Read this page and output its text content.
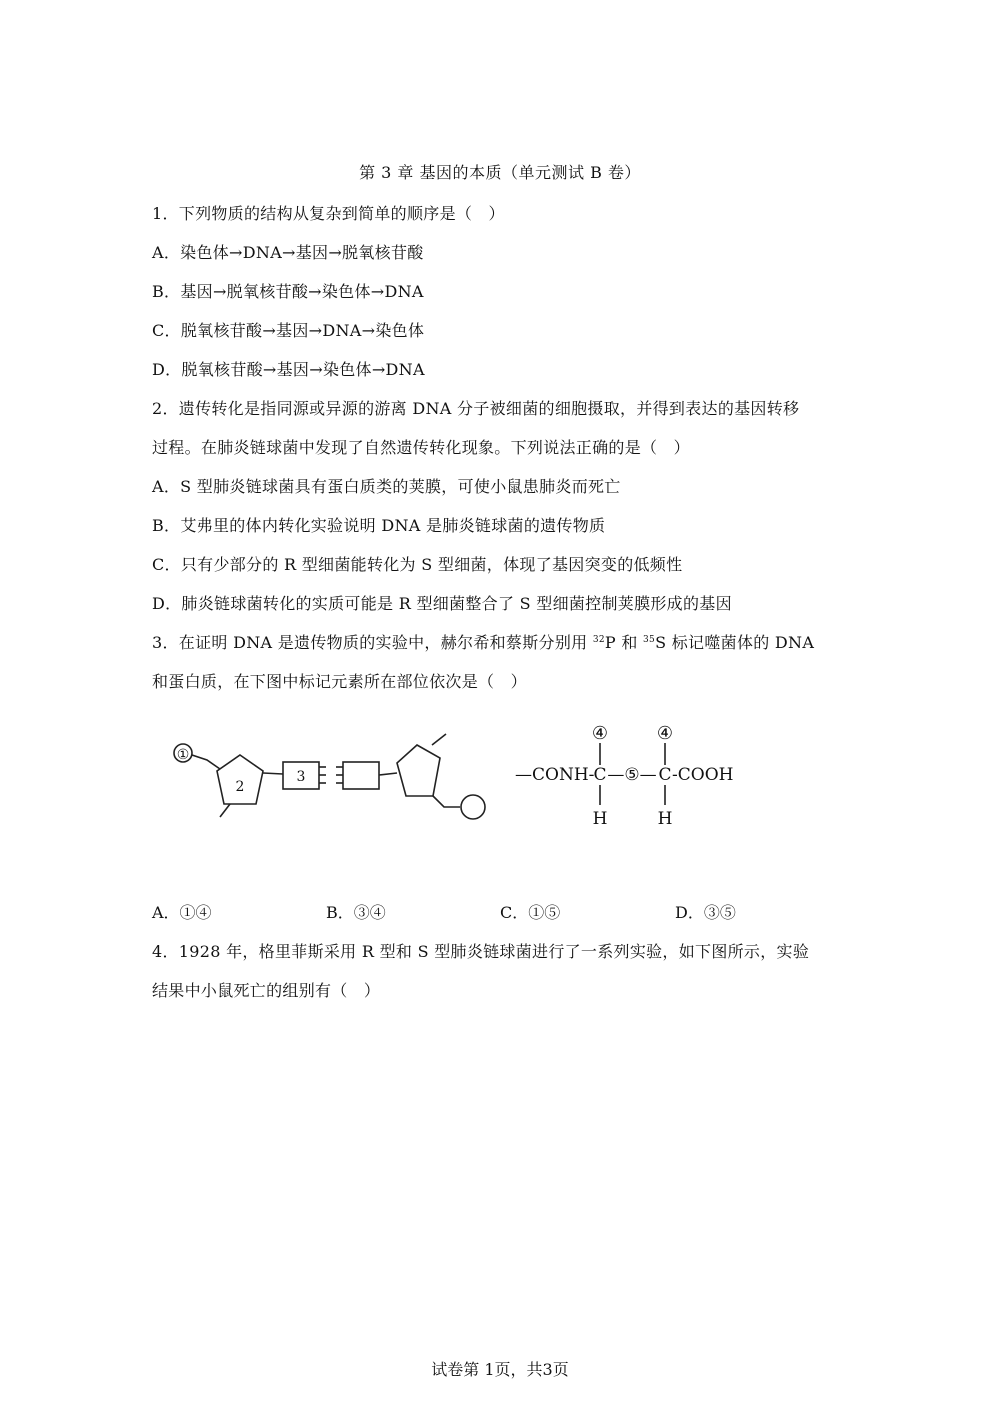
第 3 章 基因的本质（单元测试 B 卷）
1．下列物质的结构从复杂到简单的顺序是（　）
A．染色体→DNA→基因→脱氧核苷酸
B．基因→脱氧核苷酸→染色体→DNA
C．脱氧核苷酸→基因→DNA→染色体
D．脱氧核苷酸→基因→染色体→DNA
2．遗传转化是指同源或异源的游离 DNA 分子被细菌的细胞摄取，并得到表达的基因转移
过程。在肺炎链球菌中发现了自然遗传转化现象。下列说法正确的是（　）
A．S 型肺炎链球菌具有蛋白质类的荚膜，可使小鼠患肺炎而死亡
B．艾弗里的体内转化实验说明 DNA 是肺炎链球菌的遗传物质
C．只有少部分的 R 型细菌能转化为 S 型细菌，体现了基因突变的低频性
D．肺炎链球菌转化的实质可能是 R 型细菌整合了 S 型细菌控制荚膜形成的基因
3．在证明 DNA 是遗传物质的实验中，赫尔希和蔡斯分别用 $^{32}$P 和 $^{35}$S 标记噬菌体的 DNA
和蛋白质，在下图中标记元素所在部位依次是（　）
①
2
3	—CONH- C —⑤— C -COOH
④	④
H	H
A．①④	B．③④	C．①⑤	D．③⑤
4．1928 年，格里菲斯采用 R 型和 S 型肺炎链球菌进行了一系列实验，如下图所示，实验
结果中小鼠死亡的组别有（　）
试卷第 1页，共3页
